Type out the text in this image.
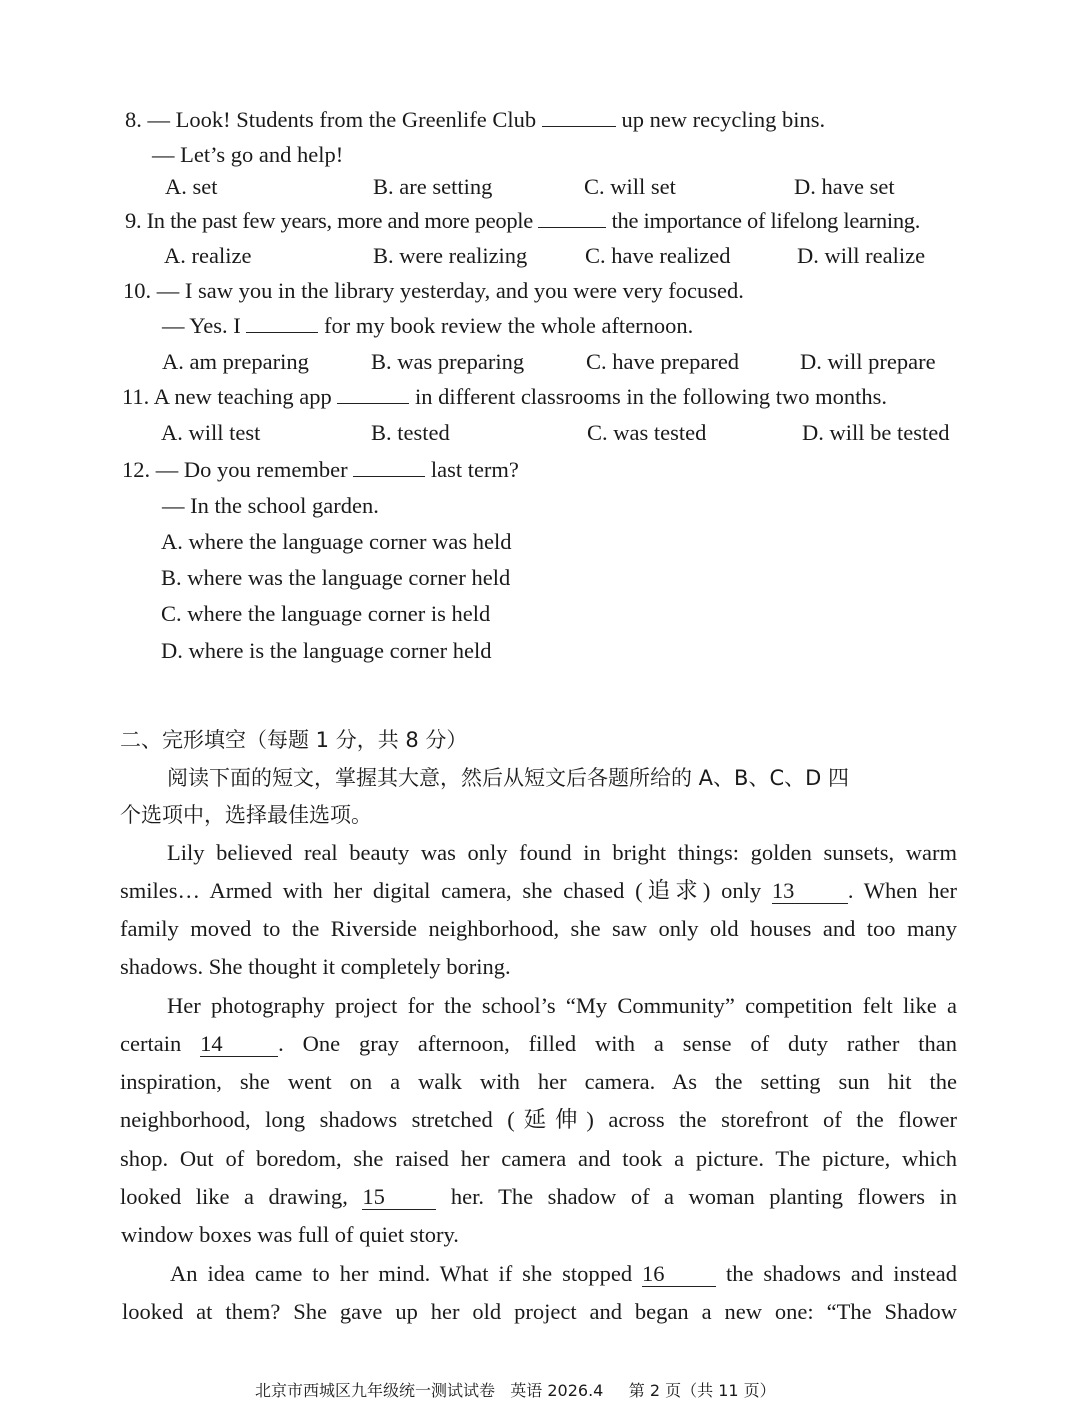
8. — Look! Students from the Greenlife Club	up new recycling bins.
— Let’s go and help!
A. set	B. are setting	C. will set	D. have set
9. In the past few years, more and more people	the importance of lifelong learning.
A. realize	B. were realizing	C. have realized	D. will realize
10. — I saw you in the library yesterday, and you were very focused.
— Yes. I	for my book review the whole afternoon.
A. am preparing	B. was preparing	C. have prepared	D. will prepare
11. A new teaching app	in different classrooms in the following two months.
A. will test	B. tested	C. was tested	D. will be tested
12. — Do you remember	last term?
— In the school garden.
A. where the language corner was held
B. where was the language corner held
C. where the language corner is held
D. where is the language corner held
二、完形填空（每题 1 分，共 8 分）
阅读下面的短文，掌握其大意，然后从短文后各题所给的 A、B、C、D 四
个选项中，选择最佳选项。
Lily believed real beauty was only found in bright things: golden sunsets, warm
smiles… Armed with her digital camera, she chased (追求) only 13 . When her
family moved to the Riverside neighborhood, she saw only old houses and too many
shadows. She thought it completely boring.
Her photography project for the school’s “My Community” competition felt like a
certain 14 . One gray afternoon, filled with a sense of duty rather than
inspiration, she went on a walk with her camera. As the setting sun hit the
neighborhood, long shadows stretched (延伸) across the storefront of the flower
shop. Out of boredom, she raised her camera and took a picture. The picture, which
looked like a drawing, 15	her. The shadow of a woman planting flowers in
window boxes was full of quiet story.
An idea came to her mind. What if she stopped 16	the shadows and instead
looked at them? She gave up her old project and began a new one: “The Shadow
北京市西城区九年级统一测试试卷 英语 2026.4 第 2 页（共 11 页）
